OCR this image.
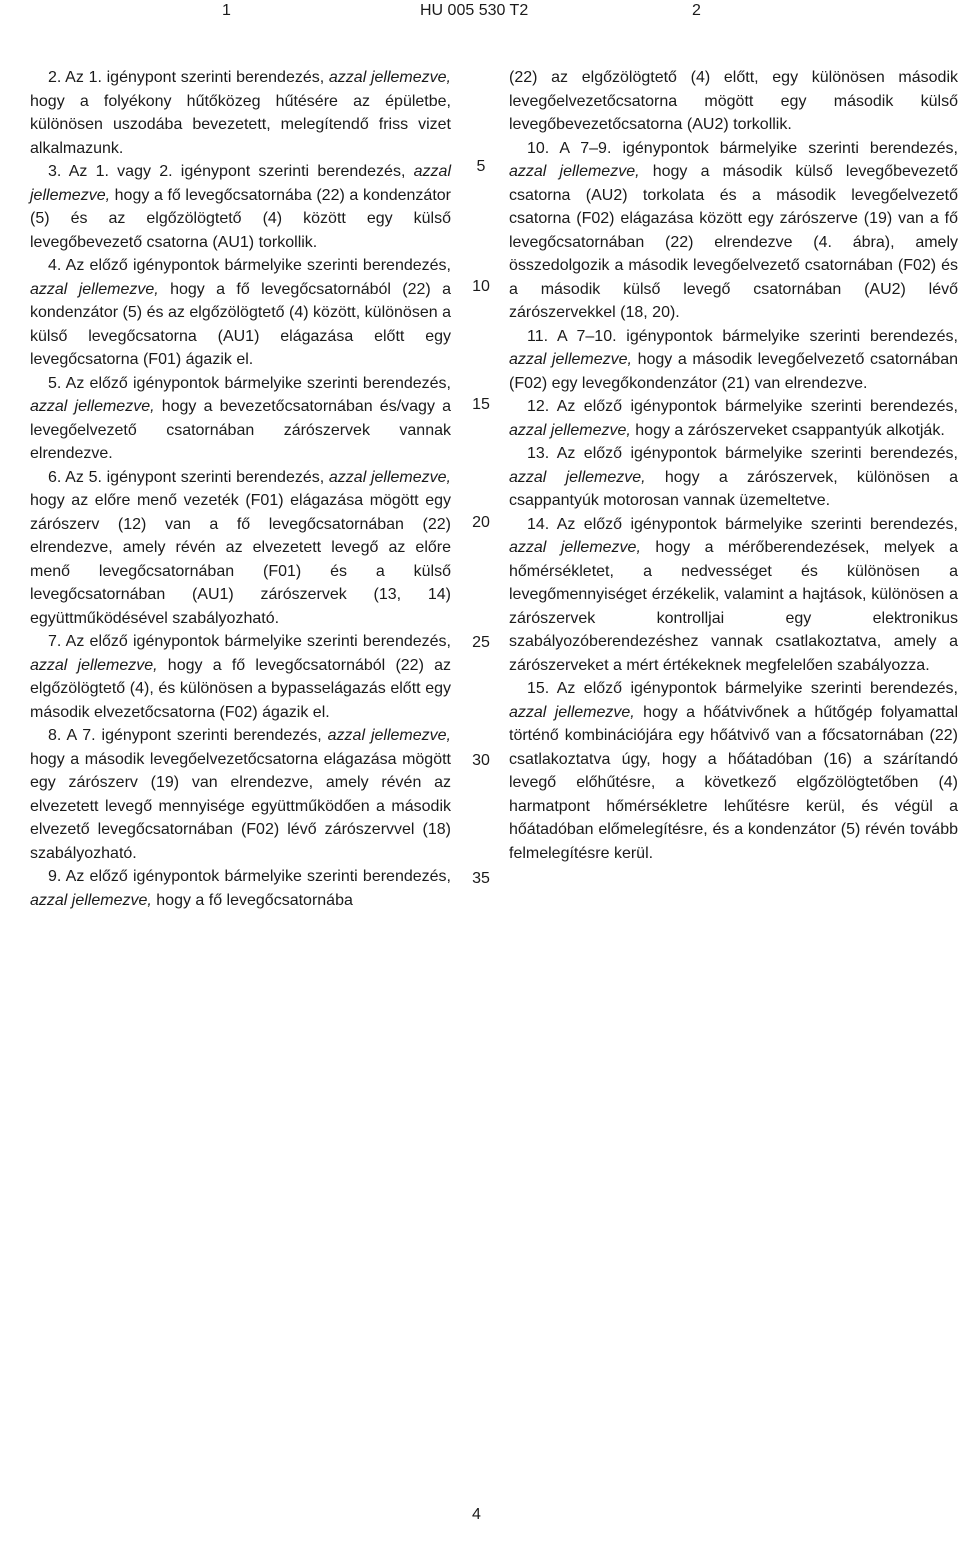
1	HU 005 530 T2	2

2. Az 1. igénypont szerinti berendezés, azzal jellemezve, hogy a folyékony hűtőközeg hűtésére az épületbe, különösen uszodába bevezetett, melegítendő friss vizet alkalmazunk.

3. Az 1. vagy 2. igénypont szerinti berendezés, azzal jellemezve, hogy a fő levegőcsatornába (22) a kondenzátor (5) és az elgőzölögtető (4) között egy külső levegőbevezető csatorna (AU1) torkollik.

4. Az előző igénypontok bármelyike szerinti berendezés, azzal jellemezve, hogy a fő levegőcsatornából (22) a kondenzátor (5) és az elgőzölögtető (4) között, különösen a külső levegőcsatorna (AU1) elágazása előtt egy levegőcsatorna (F01) ágazik el.

5. Az előző igénypontok bármelyike szerinti berendezés, azzal jellemezve, hogy a bevezetőcsatornában és/vagy a levegőelvezető csatornában zárószervek vannak elrendezve.

6. Az 5. igénypont szerinti berendezés, azzal jellemezve, hogy az előre menő vezeték (F01) elágazása mögött egy zárószerv (12) van a fő levegőcsatornában (22) elrendezve, amely révén az elvezetett levegő az előre menő levegőcsatornában (F01) és a külső levegőcsatornában (AU1) zárószervek (13, 14) együttműködésével szabályozható.

7. Az előző igénypontok bármelyike szerinti berendezés, azzal jellemezve, hogy a fő levegőcsatornából (22) az elgőzölögtető (4), és különösen a bypasselágazás előtt egy második elvezetőcsatorna (F02) ágazik el.

8. A 7. igénypont szerinti berendezés, azzal jellemezve, hogy a második levegőelvezetőcsatorna elágazása mögött egy zárószerv (19) van elrendezve, amely révén az elvezetett levegő mennyisége együttműködően a második elvezető levegőcsatornában (F02) lévő zárószervvel (18) szabályozható.

9. Az előző igénypontok bármelyike szerinti berendezés, azzal jellemezve, hogy a fő levegőcsatornába

(22) az elgőzölögtető (4) előtt, egy különösen második levegőelvezetőcsatorna mögött egy második külső levegőbevezetőcsatorna (AU2) torkollik.

10. A 7–9. igénypontok bármelyike szerinti berendezés, azzal jellemezve, hogy a második külső levegőbevezető csatorna (AU2) torkolata és a második levegőelvezető csatorna (F02) elágazása között egy zárószerve (19) van a fő levegőcsatornában (22) elrendezve (4. ábra), amely összedolgozik a második levegőelvezető csatornában (F02) és a második külső levegő csatornában (AU2) lévő zárószervekkel (18, 20).

11. A 7–10. igénypontok bármelyike szerinti berendezés, azzal jellemezve, hogy a második levegőelvezető csatornában (F02) egy levegőkondenzátor (21) van elrendezve.

12. Az előző igénypontok bármelyike szerinti berendezés, azzal jellemezve, hogy a zárószerveket csappantyúk alkotják.

13. Az előző igénypontok bármelyike szerinti berendezés, azzal jellemezve, hogy a zárószervek, különösen a csappantyúk motorosan vannak üzemeltetve.

14. Az előző igénypontok bármelyike szerinti berendezés, azzal jellemezve, hogy a mérőberendezések, melyek a hőmérsékletet, a nedvességet és különösen a levegőmennyiséget érzékelik, valamint a hajtások, különösen a zárószervek kontrolljai egy elektronikus szabályozóberendezéshez vannak csatlakoztatva, amely a zárószerveket a mért értékeknek megfelelően szabályozza.

15. Az előző igénypontok bármelyike szerinti berendezés, azzal jellemezve, hogy a hőátvivőnek a hűtőgép folyamattal történő kombinációjára egy hőátvivő van a főcsatornában (22) csatlakoztatva úgy, hogy a hőátadóban (16) a szárítandó levegő előhűtésre, a következő elgőzölögtetőben (4) harmatpont hőmérsékletre lehűtésre kerül, és végül a hőátadóban előmelegítésre, és a kondenzátor (5) révén tovább felmelegítésre kerül.

5
10
15
20
25
30
35
4
